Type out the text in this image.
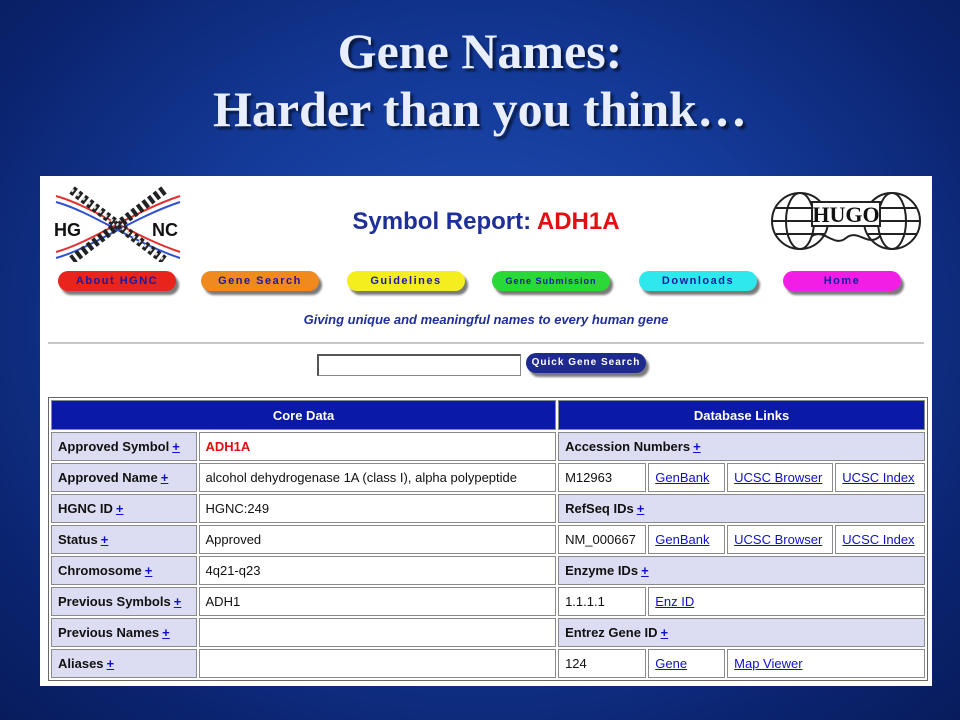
Gene Names:
Harder than you think…
HG	NC	Symbol Report: ADH1A	HUGO
About HGNC	Gene Search	Guidelines	Gene Submission	Downloads	Home
Giving unique and meaningful names to every human gene
Quick Gene Search
Core Data		Database Links			
Approved Symbol +	ADH1A	Accession Numbers +			
Approved Name +	alcohol dehydrogenase 1A (class I), alpha polypeptide	M12963	GenBank	UCSC Browser	UCSC Index
HGNC ID +	HGNC:249	RefSeq IDs +			
Status +	Approved	NM_000667	GenBank	UCSC Browser	UCSC Index
Chromosome +	4q21-q23	Enzyme IDs +			
Previous Symbols +	ADH1	1.1.1.1	Enz ID		
Previous Names +		Entrez Gene ID +			
Aliases +		124	Gene	Map Viewer	
